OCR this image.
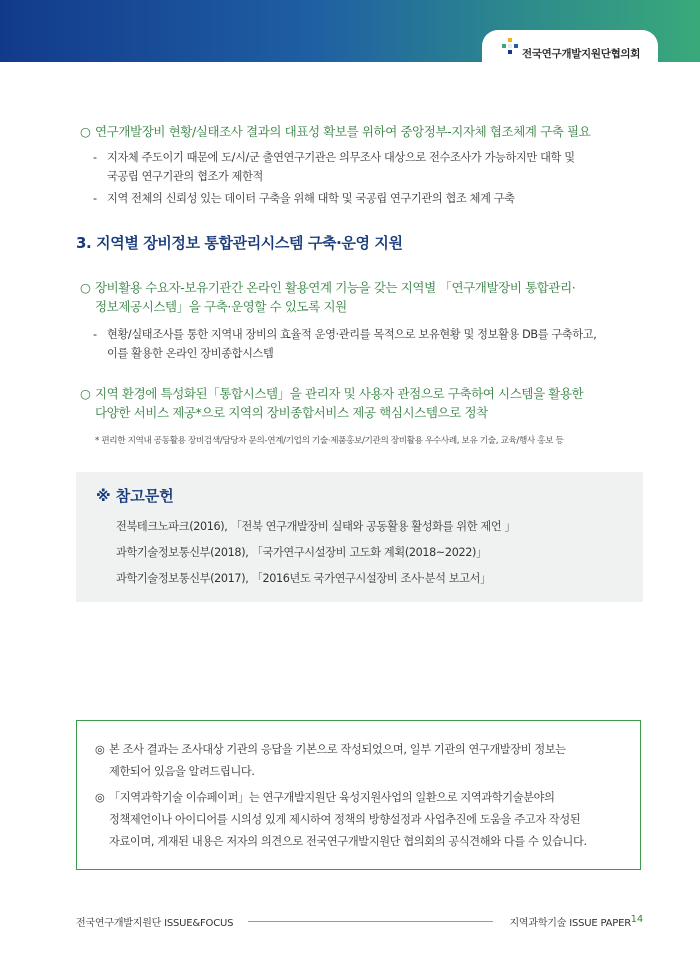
전국연구개발지원단협의회
○ 연구개발장비 현황/실태조사 결과의 대표성 확보를 위하여 중앙정부-지자체 협조체계 구축 필요
- 지자체 주도이기 때문에 도/시/군 출연연구기관은 의무조사 대상으로 전수조사가 가능하지만 대학 및
국공립 연구기관의 협조가 제한적
- 지역 전체의 신뢰성 있는 데이터 구축을 위해 대학 및 국공립 연구기관의 협조 체계 구축
3. 지역별 장비정보 통합관리시스템 구축·운영 지원
○ 장비활용 수요자-보유기관간 온라인 활용연계 기능을 갖는 지역별 「연구개발장비 통합관리·
정보제공시스템」을 구축·운영할 수 있도록 지원
- 현황/실태조사를 통한 지역내 장비의 효율적 운영·관리를 목적으로 보유현황 및 정보활용 DB를 구축하고,
이를 활용한 온라인 장비종합시스템
○ 지역 환경에 특성화된「통합시스템」을 관리자 및 사용자 관점으로 구축하여 시스템을 활용한
다양한 서비스 제공*으로 지역의 장비종합서비스 제공 핵심시스템으로 정착
* 편리한 지역내 공동활용 장비검색/담당자 문의-연계/기업의 기술·제품홍보/기관의 장비활용 우수사례, 보유 기술, 교육/행사 홍보 등
※ 참고문헌
전북테크노파크(2016), 「전북 연구개발장비 실태와 공동활용 활성화를 위한 제언 」
과학기술정보통신부(2018), 「국가연구시설장비 고도화 계획(2018~2022)」
과학기술정보통신부(2017), 「2016년도 국가연구시설장비 조사·분석 보고서」
◎ 본 조사 결과는 조사대상 기관의 응답을 기본으로 작성되었으며, 일부 기관의 연구개발장비 정보는
제한되어 있음을 알려드립니다.
◎ 「지역과학기술 이슈페이퍼」는 연구개발지원단 육성지원사업의 일환으로 지역과학기술분야의
정책제언이나 아이디어를 시의성 있게 제시하여 정책의 방향설정과 사업추진에 도움을 주고자 작성된
자료이며, 게재된 내용은 저자의 의견으로 전국연구개발지원단 협의회의 공식견해와 다를 수 있습니다.
전국연구개발지원단 ISSUE&FOCUS	지역과학기술 ISSUE PAPER 14
